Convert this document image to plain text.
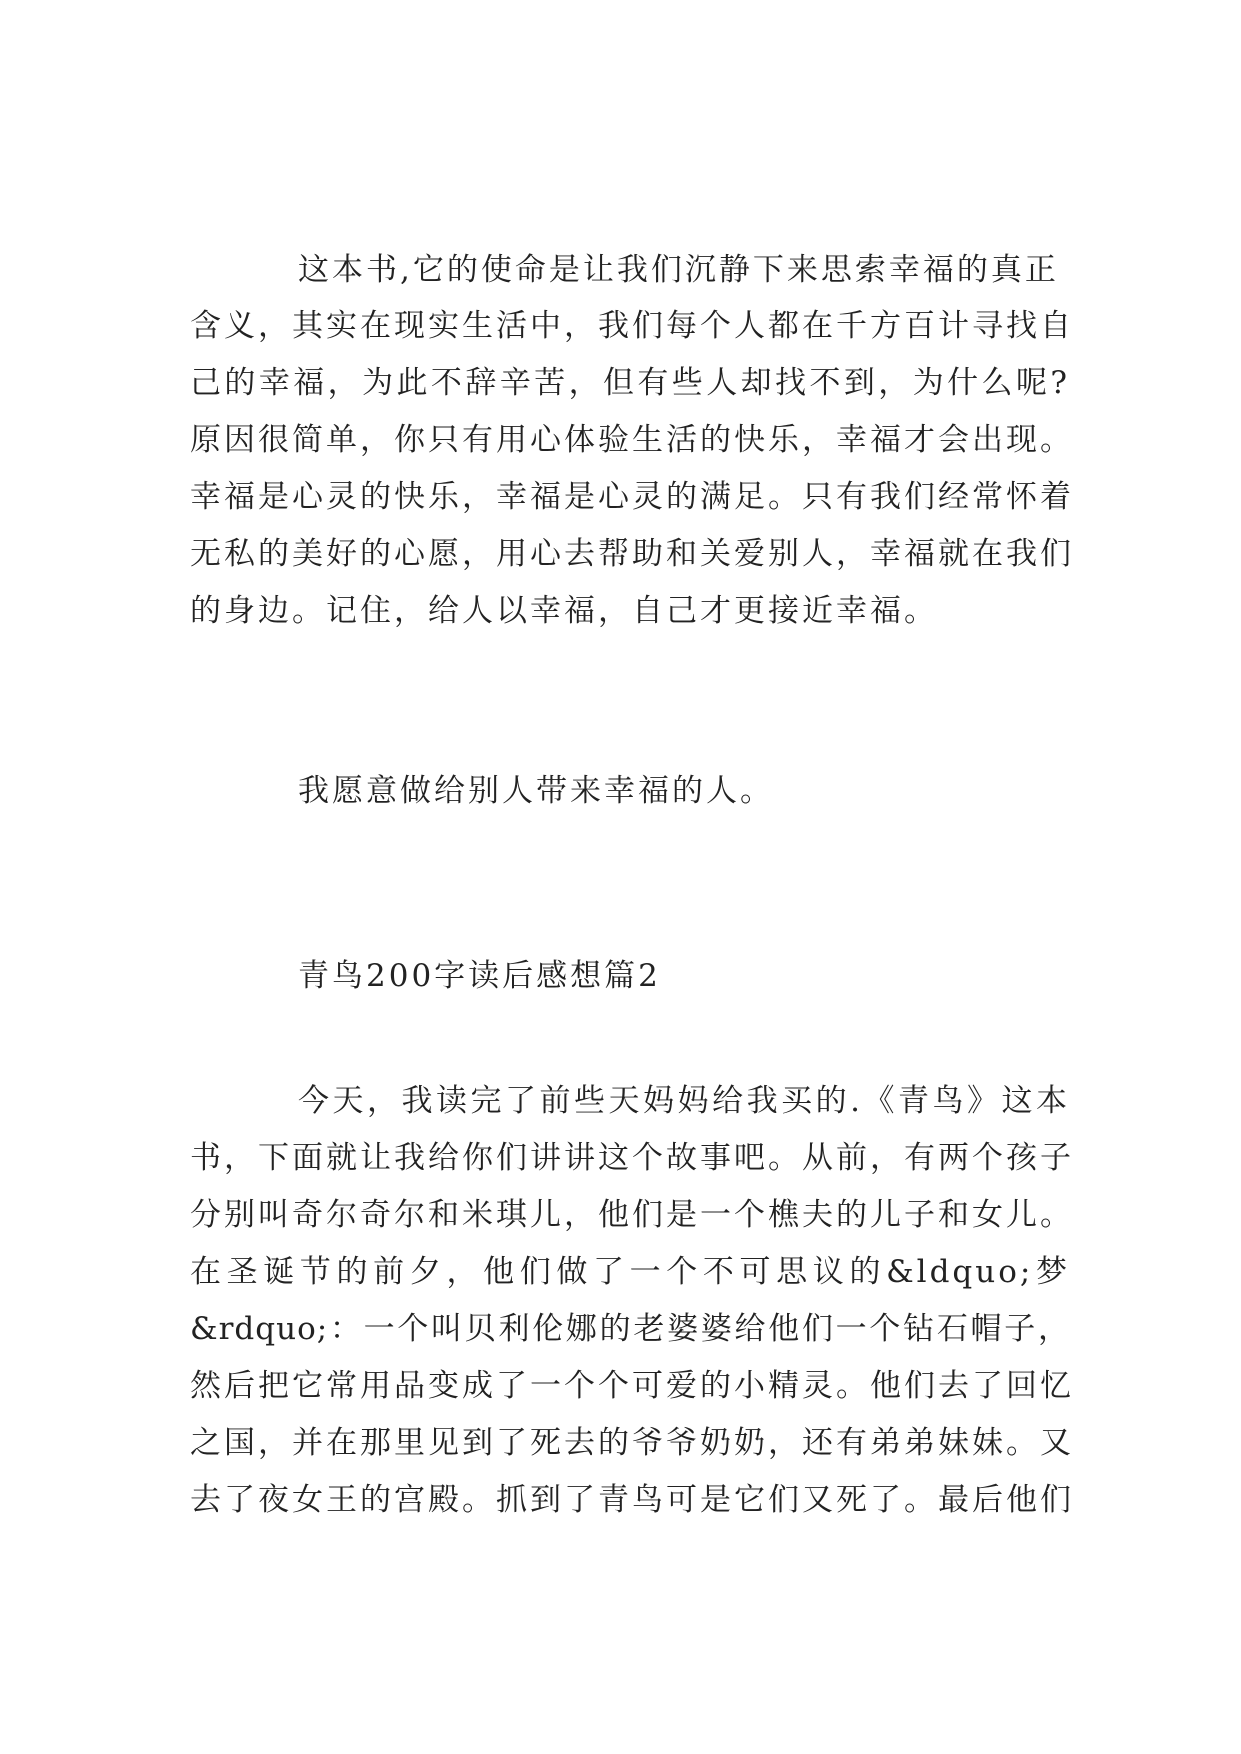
这本书,它的使命是让我们沉静下来思索幸福的真正
含义，其实在现实生活中，我们每个人都在千方百计寻找自
己的幸福，为此不辞辛苦，但有些人却找不到，为什么呢?
原因很简单，你只有用心体验生活的快乐，幸福才会出现。
幸福是心灵的快乐，幸福是心灵的满足。只有我们经常怀着
无私的美好的心愿，用心去帮助和关爱别人，幸福就在我们
的身边。记住，给人以幸福，自己才更接近幸福。
我愿意做给别人带来幸福的人。
青鸟200字读后感想篇2
今天，我读完了前些天妈妈给我买的.《青鸟》这本
书，下面就让我给你们讲讲这个故事吧。从前，有两个孩子
分别叫奇尔奇尔和米琪儿，他们是一个樵夫的儿子和女儿。
在圣诞节的前夕，他们做了一个不可思议的&ldquo;梦
&rdquo;：一个叫贝利伦娜的老婆婆给他们一个钻石帽子，
然后把它常用品变成了一个个可爱的小精灵。他们去了回忆
之国，并在那里见到了死去的爷爷奶奶，还有弟弟妹妹。又
去了夜女王的宫殿。抓到了青鸟可是它们又死了。最后他们
